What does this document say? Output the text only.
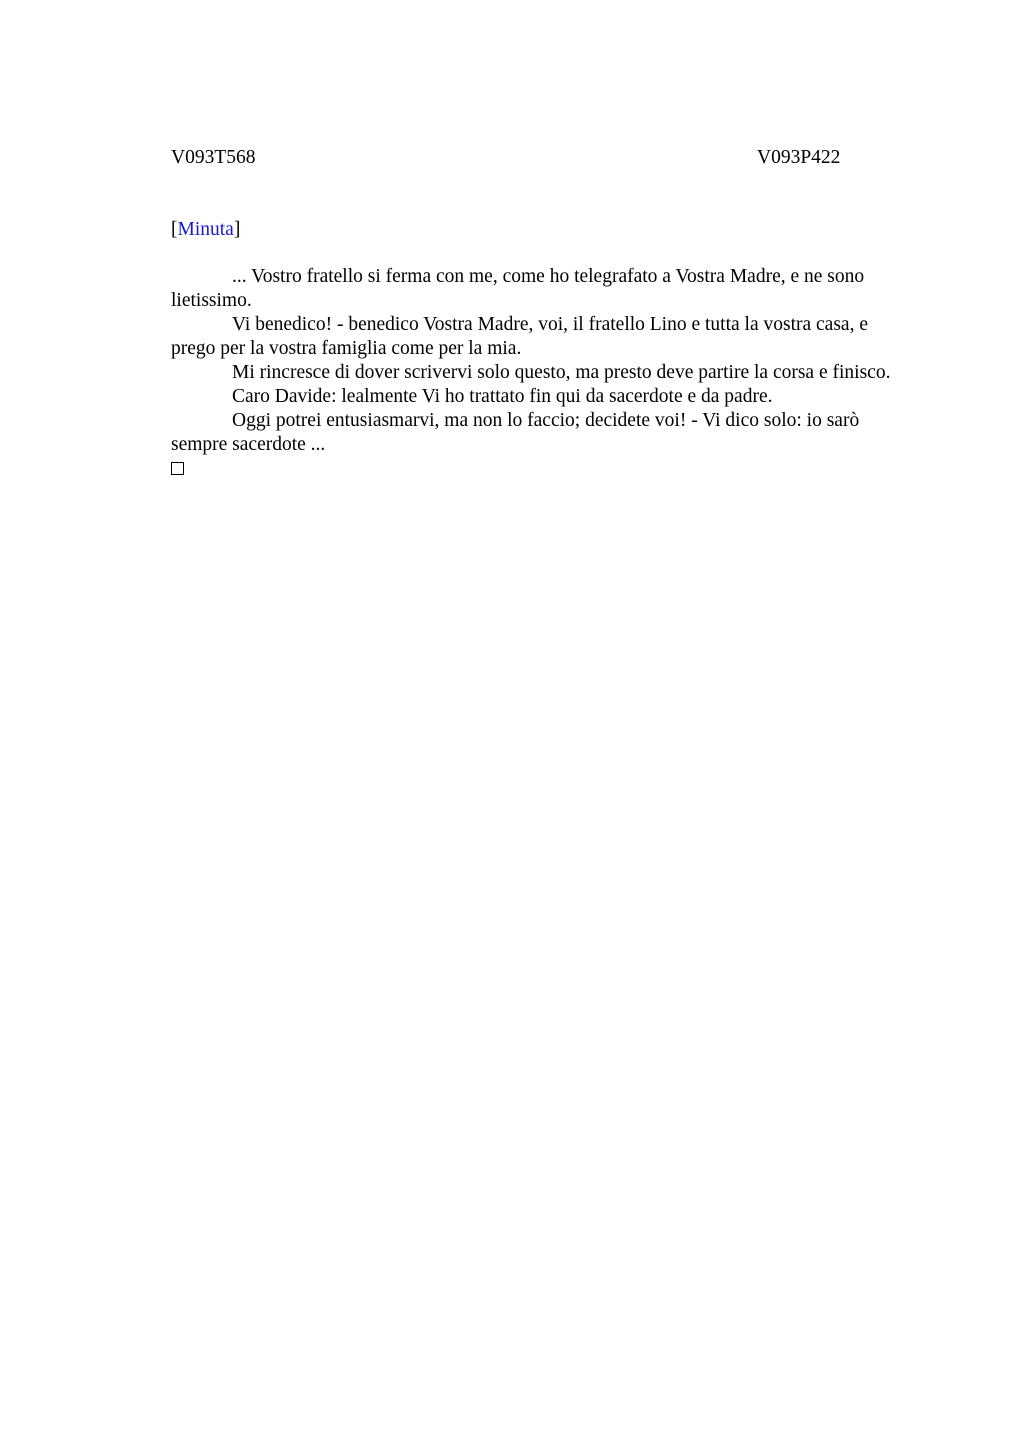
V093T568	V093P422
[Minuta]

... Vostro fratello si ferma con me, come ho telegrafato a Vostra Madre, e ne sono lietissimo.

Vi benedico! - benedico Vostra Madre, voi, il fratello Lino e tutta la vostra casa, e prego per la vostra famiglia come per la mia.

Mi rincresce di dover scrivervi solo questo, ma presto deve partire la corsa e finisco.

Caro Davide: lealmente Vi ho trattato fin qui da sacerdote e da padre.

Oggi potrei entusiasmarvi, ma non lo faccio; decidete voi! - Vi dico solo: io sarò sempre sacerdote ...
